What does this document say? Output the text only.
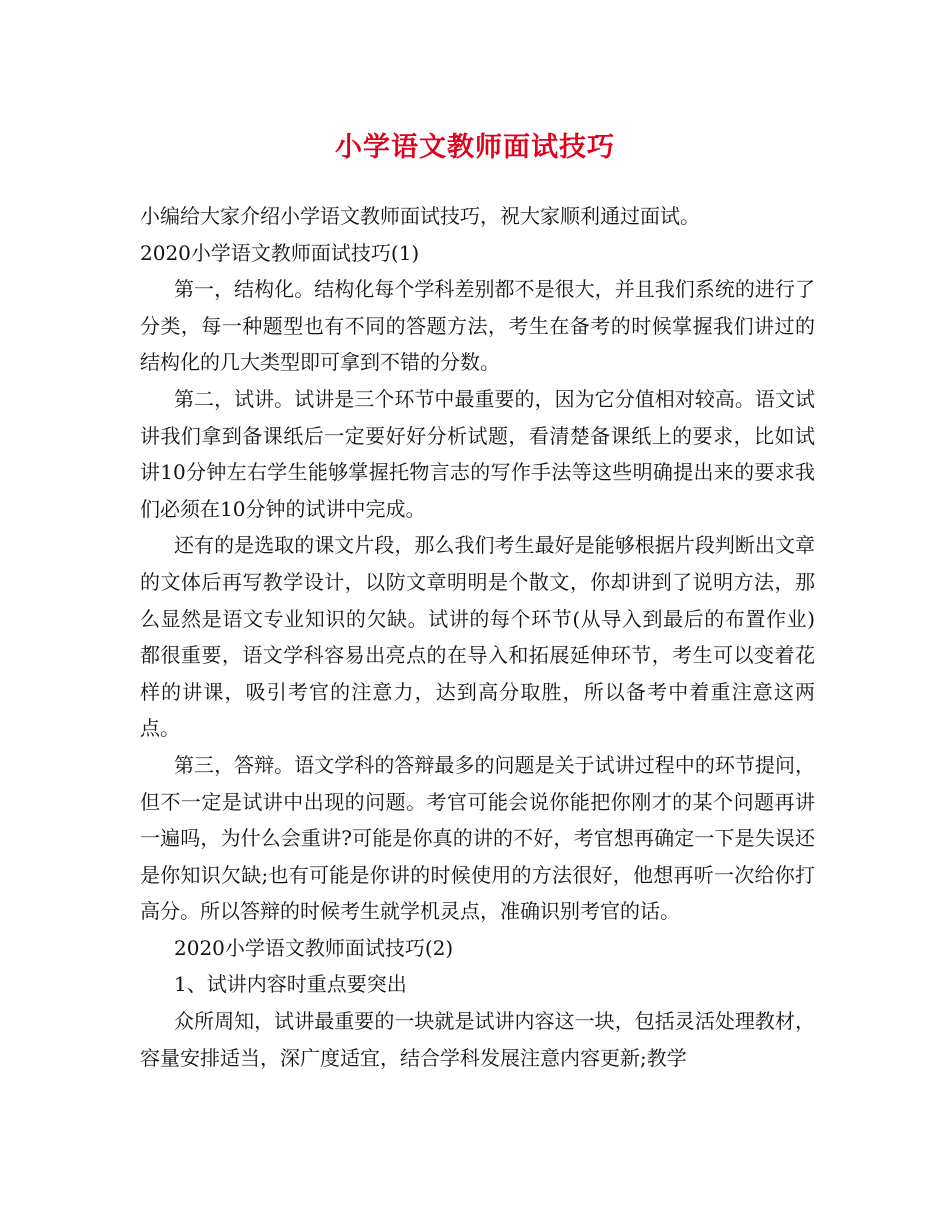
小学语文教师面试技巧

小编给大家介绍小学语文教师面试技巧，祝大家顺利通过面试。

2020小学语文教师面试技巧(1)

第一，结构化。结构化每个学科差别都不是很大，并且我们系统的进行了分类，每一种题型也有不同的答题方法，考生在备考的时候掌握我们讲过的结构化的几大类型即可拿到不错的分数。

第二，试讲。试讲是三个环节中最重要的，因为它分值相对较高。语文试讲我们拿到备课纸后一定要好好分析试题，看清楚备课纸上的要求，比如试讲10分钟左右学生能够掌握托物言志的写作手法等这些明确提出来的要求我们必须在10分钟的试讲中完成。

还有的是选取的课文片段，那么我们考生最好是能够根据片段判断出文章的文体后再写教学设计，以防文章明明是个散文，你却讲到了说明方法，那么显然是语文专业知识的欠缺。试讲的每个环节(从导入到最后的布置作业)都很重要，语文学科容易出亮点的在导入和拓展延伸环节，考生可以变着花样的讲课，吸引考官的注意力，达到高分取胜，所以备考中着重注意这两点。

第三，答辩。语文学科的答辩最多的问题是关于试讲过程中的环节提问，但不一定是试讲中出现的问题。考官可能会说你能把你刚才的某个问题再讲一遍吗，为什么会重讲?可能是你真的讲的不好，考官想再确定一下是失误还是你知识欠缺;也有可能是你讲的时候使用的方法很好，他想再听一次给你打高分。所以答辩的时候考生就学机灵点，准确识别考官的话。

2020小学语文教师面试技巧(2)

1、试讲内容时重点要突出

众所周知，试讲最重要的一块就是试讲内容这一块，包括灵活处理教材，容量安排适当，深广度适宜，结合学科发展注意内容更新;教学
